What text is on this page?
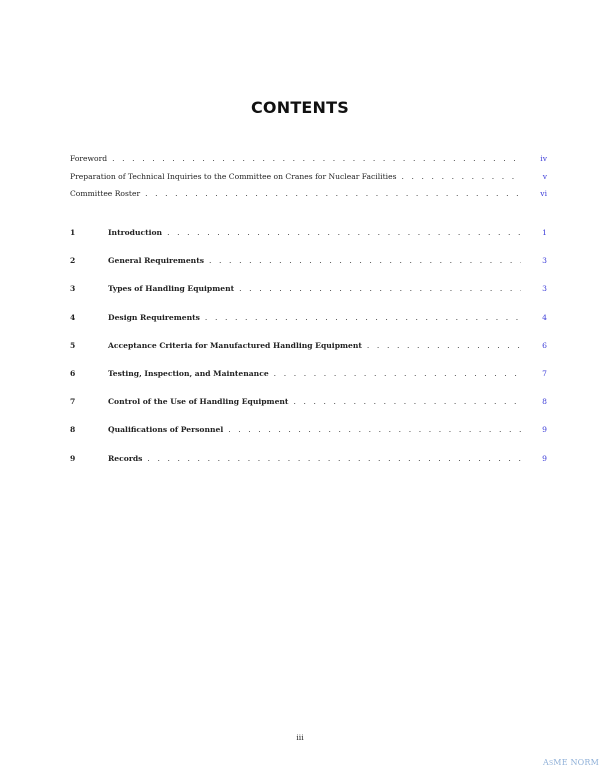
CONTENTS
Foreword . . .	iv
Preparation of Technical Inquiries to the Committee on Cranes for Nuclear Facilities . . .	v
Committee Roster . . .	vi
1	Introduction . . .	1
2	General Requirements . . .	3
3	Types of Handling Equipment . . .	3
4	Design Requirements . . .	4
5	Acceptance Criteria for Manufactured Handling Equipment . . .	6
6	Testing, Inspection, and Maintenance . . .	7
7	Control of the Use of Handling Equipment . . .	8
8	Qualifications of Personnel . . .	9
9	Records . . .	9
iii
ASME NORM
